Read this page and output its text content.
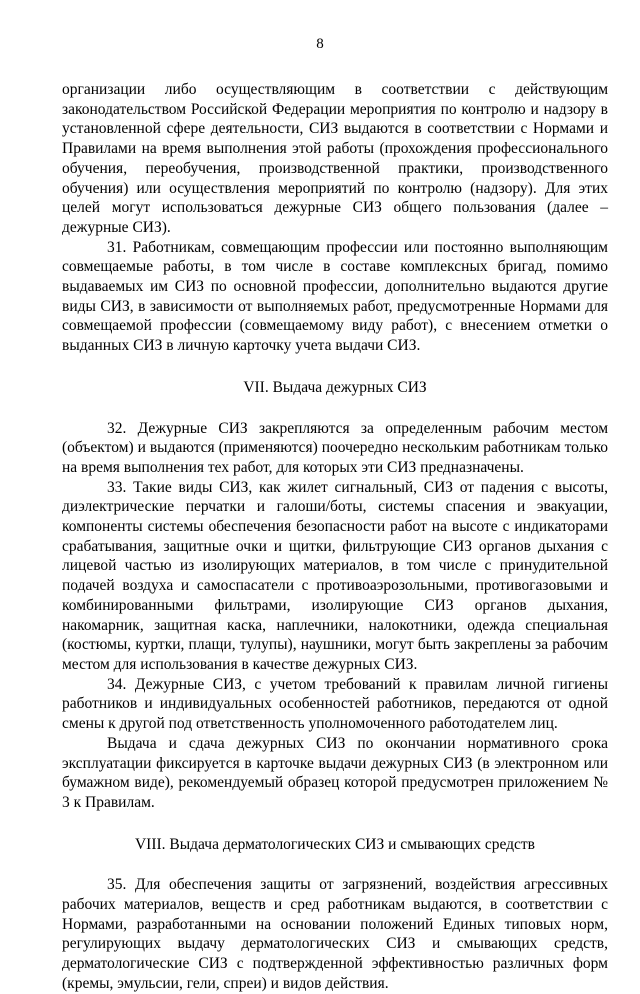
8

организации либо осуществляющим в соответствии с действующим законодательством Российской Федерации мероприятия по контролю и надзору в установленной сфере деятельности, СИЗ выдаются в соответствии с Нормами и Правилами на время выполнения этой работы (прохождения профессионального обучения, переобучения, производственной практики, производственного обучения) или осуществления мероприятий по контролю (надзору). Для этих целей могут использоваться дежурные СИЗ общего пользования (далее – дежурные СИЗ).

31. Работникам, совмещающим профессии или постоянно выполняющим совмещаемые работы, в том числе в составе комплексных бригад, помимо выдаваемых им СИЗ по основной профессии, дополнительно выдаются другие виды СИЗ, в зависимости от выполняемых работ, предусмотренные Нормами для совмещаемой профессии (совмещаемому виду работ), с внесением отметки о выданных СИЗ в личную карточку учета выдачи СИЗ.

VII. Выдача дежурных СИЗ

32. Дежурные СИЗ закрепляются за определенным рабочим местом (объектом) и выдаются (применяются) поочередно нескольким работникам только на время выполнения тех работ, для которых эти СИЗ предназначены.

33. Такие виды СИЗ, как жилет сигнальный, СИЗ от падения с высоты, диэлектрические перчатки и галоши/боты, системы спасения и эвакуации, компоненты системы обеспечения безопасности работ на высоте с индикаторами срабатывания, защитные очки и щитки, фильтрующие СИЗ органов дыхания с лицевой частью из изолирующих материалов, в том числе с принудительной подачей воздуха и самоспасатели с противоаэрозольными, противогазовыми и комбинированными фильтрами, изолирующие СИЗ органов дыхания, накомарник, защитная каска, наплечники, налокотники, одежда специальная (костюмы, куртки, плащи, тулупы), наушники, могут быть закреплены за рабочим местом для использования в качестве дежурных СИЗ.

34. Дежурные СИЗ, с учетом требований к правилам личной гигиены работников и индивидуальных особенностей работников, передаются от одной смены к другой под ответственность уполномоченного работодателем лиц.

Выдача и сдача дежурных СИЗ по окончании нормативного срока эксплуатации фиксируется в карточке выдачи дежурных СИЗ (в электронном или бумажном виде), рекомендуемый образец которой предусмотрен приложением № 3 к Правилам.

VIII. Выдача дерматологических СИЗ и смывающих средств

35. Для обеспечения защиты от загрязнений, воздействия агрессивных рабочих материалов, веществ и сред работникам выдаются, в соответствии с Нормами, разработанными на основании положений Единых типовых норм, регулирующих выдачу дерматологических СИЗ и смывающих средств, дерматологические СИЗ с подтвержденной эффективностью различных форм (кремы, эмульсии, гели, спреи) и видов действия.
